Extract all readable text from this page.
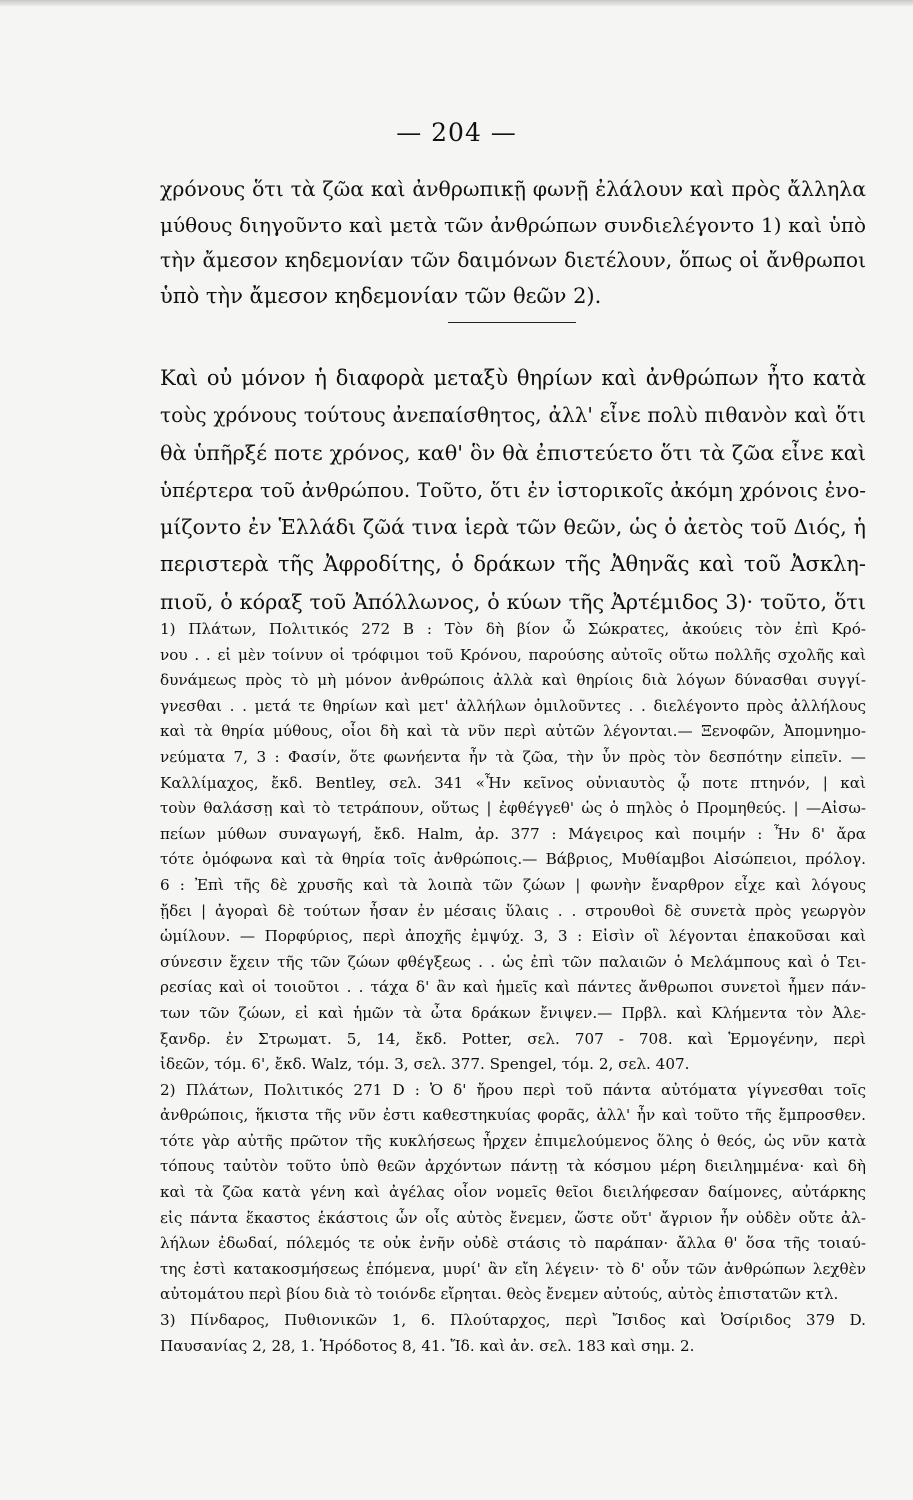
— 204 —
χρόνους ὅτι τὰ ζῶα καὶ ἀνθρωπικῇ φωνῇ ἐλάλουν καὶ πρὸς ἄλληλα
μύθους διηγοῦντο καὶ μετὰ τῶν ἀνθρώπων συνδιελέγοντο 1) καὶ ὑπὸ
τὴν ἄμεσον κηδεμονίαν τῶν δαιμόνων διετέλουν, ὅπως οἱ ἄνθρωποι
ὑπὸ τὴν ἄμεσον κηδεμονίαν τῶν θεῶν 2).
Καὶ οὐ μόνον ἡ διαφορὰ μεταξὺ θηρίων καὶ ἀνθρώπων ἦτο κατὰ
τοὺς χρόνους τούτους ἀνεπαίσθητος, ἀλλ' εἶνε πολὺ πιθανὸν καὶ ὅτι
θὰ ὑπῆρξέ ποτε χρόνος, καθ' ὃν θὰ ἐπιστεύετο ὅτι τὰ ζῶα εἶνε καὶ
ὑπέρτερα τοῦ ἀνθρώπου. Τοῦτο, ὅτι ἐν ἱστορικοῖς ἀκόμη χρόνοις ἐνο-
μίζοντο ἐν Ἑλλάδι ζῶά τινα ἱερὰ τῶν θεῶν, ὡς ὁ ἀετὸς τοῦ Διός, ἡ
περιστερὰ τῆς Ἀφροδίτης, ὁ δράκων τῆς Ἀθηνᾶς καὶ τοῦ Ἀσκλη-
πιοῦ, ὁ κόραξ τοῦ Ἀπόλλωνος, ὁ κύων τῆς Ἀρτέμιδος 3)· τοῦτο, ὅτι
1) Πλάτων, Πολιτικός 272 B : Τὸν δὴ βίον ὦ Σώκρατες, ἀκούεις τὸν ἐπὶ Κρό-
νου . . εἰ μὲν τοίνυν οἱ τρόφιμοι τοῦ Κρόνου, παρούσης αὐτοῖς οὕτω πολλῆς σχολῆς καὶ
δυνάμεως πρὸς τὸ μὴ μόνον ἀνθρώποις ἀλλὰ καὶ θηρίοις διὰ λόγων δύνασθαι συγγί-
γνεσθαι . . μετά τε θηρίων καὶ μετ' ἀλλήλων ὁμιλοῦντες . . διελέγοντο πρὸς ἀλλήλους
καὶ τὰ θηρία μύθους, οἷοι δὴ καὶ τὰ νῦν περὶ αὐτῶν λέγονται.— Ξενοφῶν, Ἀπομνημο-
νεύματα 7, 3 : Φασίν, ὅτε φωνήεντα ἦν τὰ ζῶα, τὴν ὗν πρὸς τὸν δεσπότην εἰπεῖν. —
Καλλίμαχος, ἔκδ. Bentley, σελ. 341 «Ἦν κεῖνος οὐνιαυτὸς ᾧ ποτε πτηνόν, | καὶ
τοὺν θαλάσσῃ καὶ τὸ τετράπουν, οὕτως | ἐφθέγγεθ' ὡς ὁ πηλὸς ὁ Προμηθεύς. | —Αἰσω-
πείων μύθων συναγωγή, ἔκδ. Halm, ἀρ. 377 : Μάγειρος καὶ ποιμήν : Ἦν δ' ἄρα
τότε ὁμόφωνα καὶ τὰ θηρία τοῖς ἀνθρώποις.— Βάβριος, Μυθίαμβοι Αἰσώπειοι, πρόλογ.
6 : Ἐπὶ τῆς δὲ χρυσῆς καὶ τὰ λοιπὰ τῶν ζώων | φωνὴν ἔναρθρον εἶχε καὶ λόγους
ᾔδει | ἀγοραὶ δὲ τούτων ἦσαν ἐν μέσαις ὕλαις . . στρουθοὶ δὲ συνετὰ πρὸς γεωργὸν
ὡμίλουν. — Πορφύριος, περὶ ἀποχῆς ἐμψύχ. 3, 3 : Εἰσὶν οἳ λέγονται ἐπακοῦσαι καὶ
σύνεσιν ἔχειν τῆς τῶν ζώων φθέγξεως . . ὡς ἐπὶ τῶν παλαιῶν ὁ Μελάμπους καὶ ὁ Τει-
ρεσίας καὶ οἱ τοιοῦτοι . . τάχα δ' ἂν καὶ ἡμεῖς καὶ πάντες ἄνθρωποι συνετοὶ ἦμεν πάν-
των τῶν ζώων, εἰ καὶ ἡμῶν τὰ ὦτα δράκων ἔνιψεν.— Πρβλ. καὶ Κλήμεντα τὸν Ἀλε-
ξανδρ. ἐν Στρωματ. 5, 14, ἔκδ. Potter, σελ. 707 - 708. καὶ Ἑρμογένην, περὶ
ἰδεῶν, τόμ. 6', ἔκδ. Walz, τόμ. 3, σελ. 377. Spengel, τόμ. 2, σελ. 407.
2) Πλάτων, Πολιτικός 271 D : Ὁ δ' ἤρου περὶ τοῦ πάντα αὐτόματα γίγνεσθαι τοῖς
ἀνθρώποις, ἥκιστα τῆς νῦν ἐστι καθεστηκυίας φορᾶς, ἀλλ' ἦν καὶ τοῦτο τῆς ἔμπροσθεν.
τότε γὰρ αὐτῆς πρῶτον τῆς κυκλήσεως ἦρχεν ἐπιμελούμενος ὅλης ὁ θεός, ὡς νῦν κατὰ
τόπους ταὐτὸν τοῦτο ὑπὸ θεῶν ἀρχόντων πάντῃ τὰ κόσμου μέρη διειλημμένα· καὶ δὴ
καὶ τὰ ζῶα κατὰ γένη καὶ ἀγέλας οἷον νομεῖς θεῖοι διειλήφεσαν δαίμονες, αὐτάρκης
εἰς πάντα ἕκαστος ἑκάστοις ὧν οἷς αὐτὸς ἔνεμεν, ὥστε οὔτ' ἄγριον ἦν οὐδὲν οὔτε ἀλ-
λήλων ἐδωδαί, πόλεμός τε οὐκ ἐνῆν οὐδὲ στάσις τὸ παράπαν· ἄλλα θ' ὅσα τῆς τοιαύ-
της ἐστὶ κατακοσμήσεως ἑπόμενα, μυρί' ἂν εἴη λέγειν· τὸ δ' οὖν τῶν ἀνθρώπων λεχθὲν
αὐτομάτου περὶ βίου διὰ τὸ τοιόνδε εἴρηται. θεὸς ἔνεμεν αὐτούς, αὐτὸς ἐπιστατῶν κτλ.
3) Πίνδαρος, Πυθιονικῶν 1, 6. Πλούταρχος, περὶ Ἴσιδος καὶ Ὀσίριδος 379 D.
Παυσανίας 2, 28, 1. Ἡρόδοτος 8, 41. Ἴδ. καὶ ἀν. σελ. 183 καὶ σημ. 2.
